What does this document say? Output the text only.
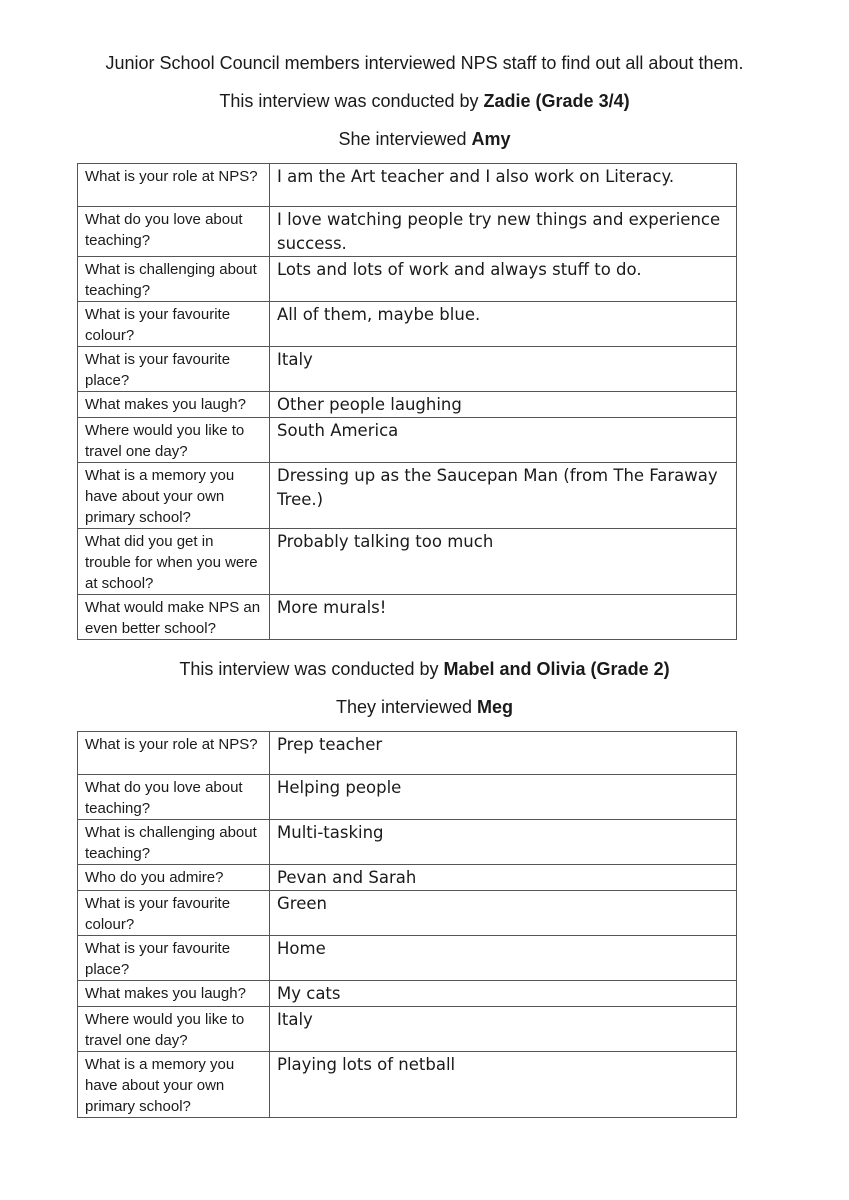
Junior School Council members interviewed NPS staff to find out all about them.
This interview was conducted by Zadie (Grade 3/4)
She interviewed Amy
What is your role at NPS?	I am the Art teacher and I also work on Literacy.
What do you love about teaching?	I love watching people try new things and experience success.
What is challenging about teaching?	Lots and lots of work and always stuff to do.
What is your favourite colour?	All of them, maybe blue.
What is your favourite place?	Italy
What makes you laugh?	Other people laughing
Where would you like to travel one day?	South America
What is a memory you have about your own primary school?	Dressing up as the Saucepan Man (from The Faraway Tree.)
What did you get in trouble for when you were at school?	Probably talking too much
What would make NPS an even better school?	More murals!
This interview was conducted by Mabel and Olivia (Grade 2)
They interviewed Meg
What is your role at NPS?	Prep teacher
What do you love about teaching?	Helping people
What is challenging about teaching?	Multi-tasking
Who do you admire?	Pevan and Sarah
What is your favourite colour?	Green
What is your favourite place?	Home
What makes you laugh?	My cats
Where would you like to travel one day?	Italy
What is a memory you have about your own primary school?	Playing lots of netball
